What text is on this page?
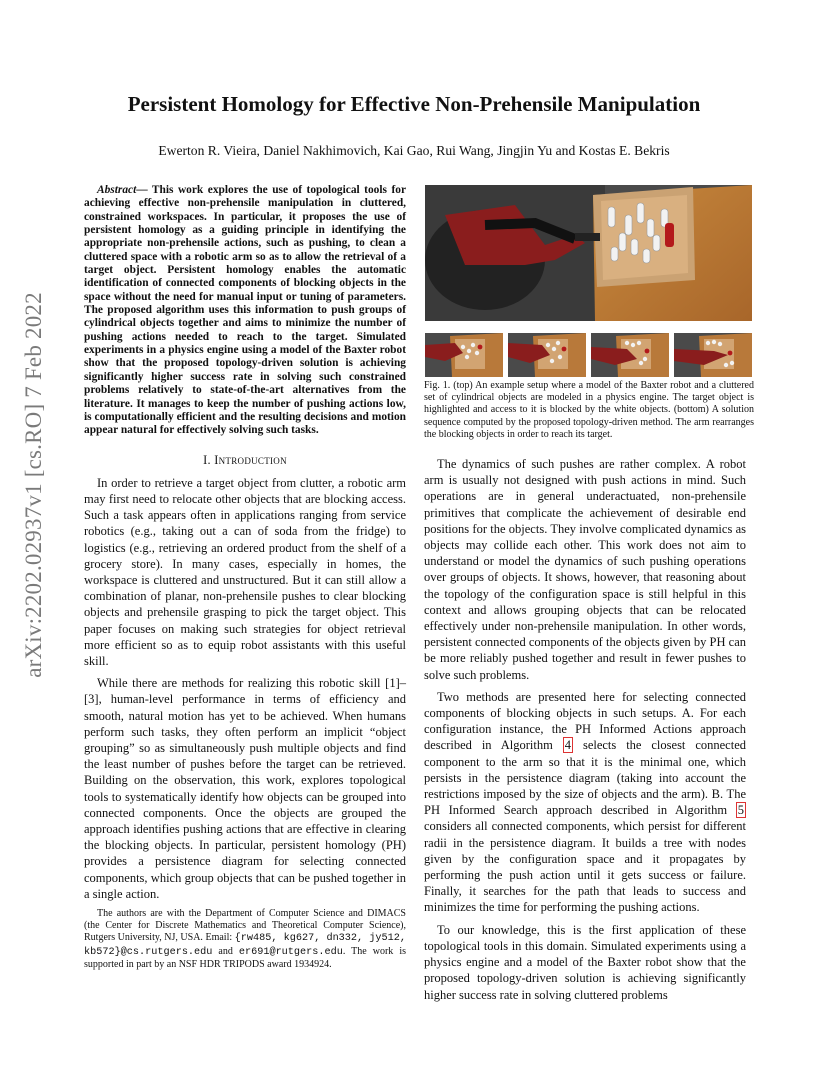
arXiv:2202.02937v1 [cs.RO] 7 Feb 2022
Persistent Homology for Effective Non-Prehensile Manipulation

Ewerton R. Vieira, Daniel Nakhimovich, Kai Gao, Rui Wang, Jingjin Yu and Kostas E. Bekris

Abstract— This work explores the use of topological tools for achieving effective non-prehensile manipulation in cluttered, constrained workspaces. In particular, it proposes the use of persistent homology as a guiding principle in identifying the appropriate non-prehensile actions, such as pushing, to clean a cluttered space with a robotic arm so as to allow the retrieval of a target object. Persistent homology enables the automatic identification of connected components of blocking objects in the space without the need for manual input or tuning of parameters. The proposed algorithm uses this information to push groups of cylindrical objects together and aims to minimize the number of pushing actions needed to reach to the target. Simulated experiments in a physics engine using a model of the Baxter robot show that the proposed topology-driven solution is achieving significantly higher success rate in solving such constrained problems relatively to state-of-the-art alternatives from the literature. It manages to keep the number of pushing actions low, is computationally efficient and the resulting decisions and motion appear natural for effectively solving such tasks.

I. Introduction

In order to retrieve a target object from clutter, a robotic arm may first need to relocate other objects that are blocking access. Such a task appears often in applications ranging from service robotics (e.g., taking out a can of soda from the fridge) to logistics (e.g., retrieving an ordered product from the shelf of a grocery store). In many cases, especially in homes, the workspace is cluttered and unstructured. But it can still allow a combination of planar, non-prehensile pushes to clear blocking objects and prehensile grasping to pick the target object. This paper focuses on making such strategies for object retrieval more efficient so as to equip robot assistants with this useful skill.

While there are methods for realizing this robotic skill [1]–[3], human-level performance in terms of efficiency and smooth, natural motion has yet to be achieved. When humans perform such tasks, they often perform an implicit “object grouping” so as simultaneously push multiple objects and find the least number of pushes before the target can be retrieved. Building on the observation, this work, explores topological tools to systematically identify how objects can be grouped into connected components. Once the objects are grouped the approach identifies pushing actions that are effective in clearing the blocking objects. In particular, persistent homology (PH) provides a persistence diagram for selecting connected components, which group objects that can be pushed together in a single action.

The authors are with the Department of Computer Science and DIMACS (the Center for Discrete Mathematics and Theoretical Computer Science), Rutgers University, NJ, USA. Email: {rw485, kg627, dn332, jy512, kb572}@cs.rutgers.edu and er691@rutgers.edu. The work is supported in part by an NSF HDR TRIPODS award 1934924.

Fig. 1. (top) An example setup where a model of the Baxter robot and a cluttered set of cylindrical objects are modeled in a physics engine. The target object is highlighted and access to it is blocked by the white objects. (bottom) A solution sequence computed by the proposed topology-driven method. The arm rearranges the blocking objects in order to reach its target.

The dynamics of such pushes are rather complex. A robot arm is usually not designed with push actions in mind. Such operations are in general underactuated, non-prehensile primitives that complicate the achievement of desirable end positions for the objects. They involve complicated dynamics as objects may collide each other. This work does not aim to understand or model the dynamics of such pushing operations over groups of objects. It shows, however, that reasoning about the topology of the configuration space is still helpful in this context and allows grouping objects that can be relocated effectively under non-prehensile manipulation. In other words, persistent connected components of the objects given by PH can be more reliably pushed together and result in fewer pushes to solve such problems.

Two methods are presented here for selecting connected components of blocking objects in such setups. A. For each configuration instance, the PH Informed Actions approach described in Algorithm 4 selects the closest connected component to the arm so that it is the minimal one, which persists in the persistence diagram (taking into account the restrictions imposed by the size of objects and the arm). B. The PH Informed Search approach described in Algorithm 5 considers all connected components, which persist for different radii in the persistence diagram. It builds a tree with nodes given by the configuration space and it propagates by performing the push action until it gets success or failure. Finally, it searches for the path that leads to success and minimizes the time for performing the pushing actions.

To our knowledge, this is the first application of these topological tools in this domain. Simulated experiments using a physics engine and a model of the Baxter robot show that the proposed topology-driven solution is achieving significantly higher success rate in solving cluttered problems
